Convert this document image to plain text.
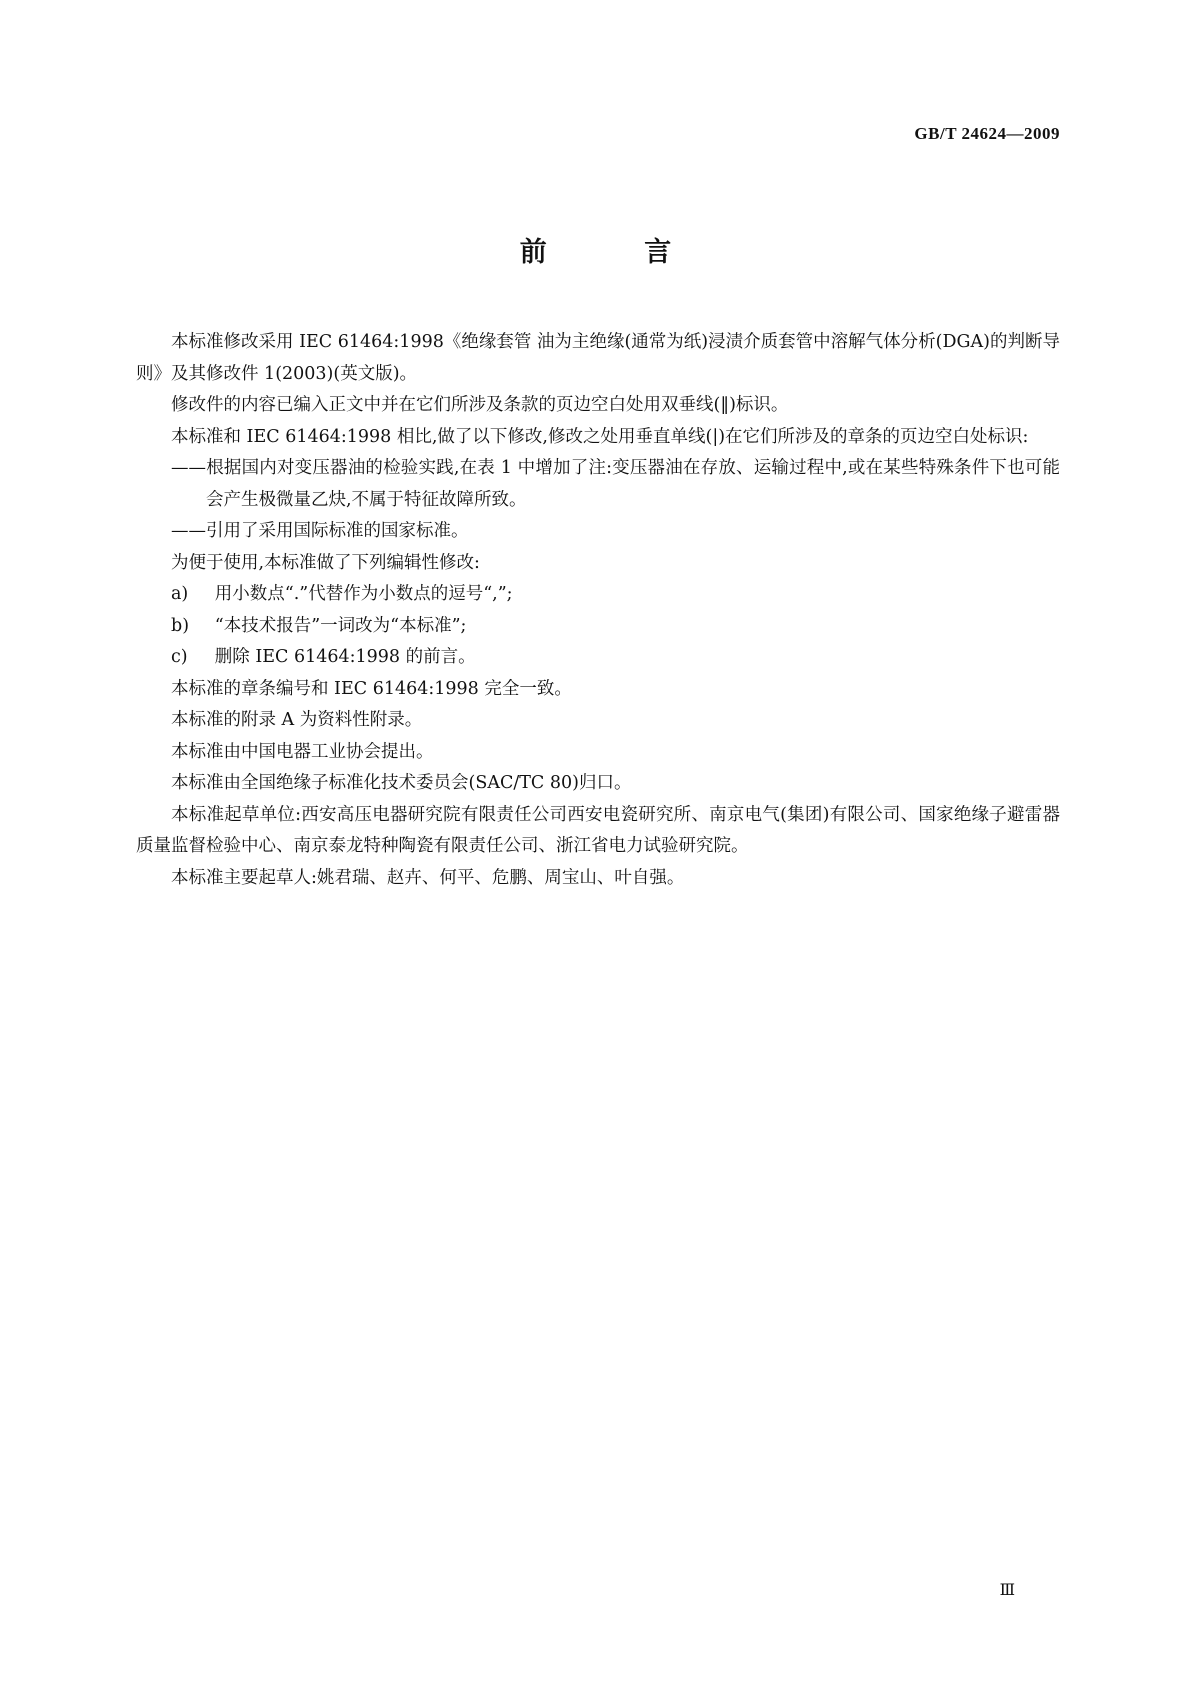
GB/T 24624—2009
前 言

本标准修改采用 IEC 61464:1998《绝缘套管 油为主绝缘(通常为纸)浸渍介质套管中溶解气体分析(DGA)的判断导则》及其修改件 1(2003)(英文版)。

修改件的内容已编入正文中并在它们所涉及条款的页边空白处用双垂线(‖)标识。

本标准和 IEC 61464:1998 相比,做了以下修改,修改之处用垂直单线(|)在它们所涉及的章条的页边空白处标识:

——根据国内对变压器油的检验实践,在表 1 中增加了注:变压器油在存放、运输过程中,或在某些特殊条件下也可能会产生极微量乙炔,不属于特征故障所致。

——引用了采用国际标准的国家标准。

为便于使用,本标准做了下列编辑性修改:

a) 用小数点“.”代替作为小数点的逗号“,”;

b) “本技术报告”一词改为“本标准”;

c) 删除 IEC 61464:1998 的前言。

本标准的章条编号和 IEC 61464:1998 完全一致。

本标准的附录 A 为资料性附录。

本标准由中国电器工业协会提出。

本标准由全国绝缘子标准化技术委员会(SAC/TC 80)归口。

本标准起草单位:西安高压电器研究院有限责任公司西安电瓷研究所、南京电气(集团)有限公司、国家绝缘子避雷器质量监督检验中心、南京泰龙特种陶瓷有限责任公司、浙江省电力试验研究院。

本标准主要起草人:姚君瑞、赵卉、何平、危鹏、周宝山、叶自强。

Ⅲ
